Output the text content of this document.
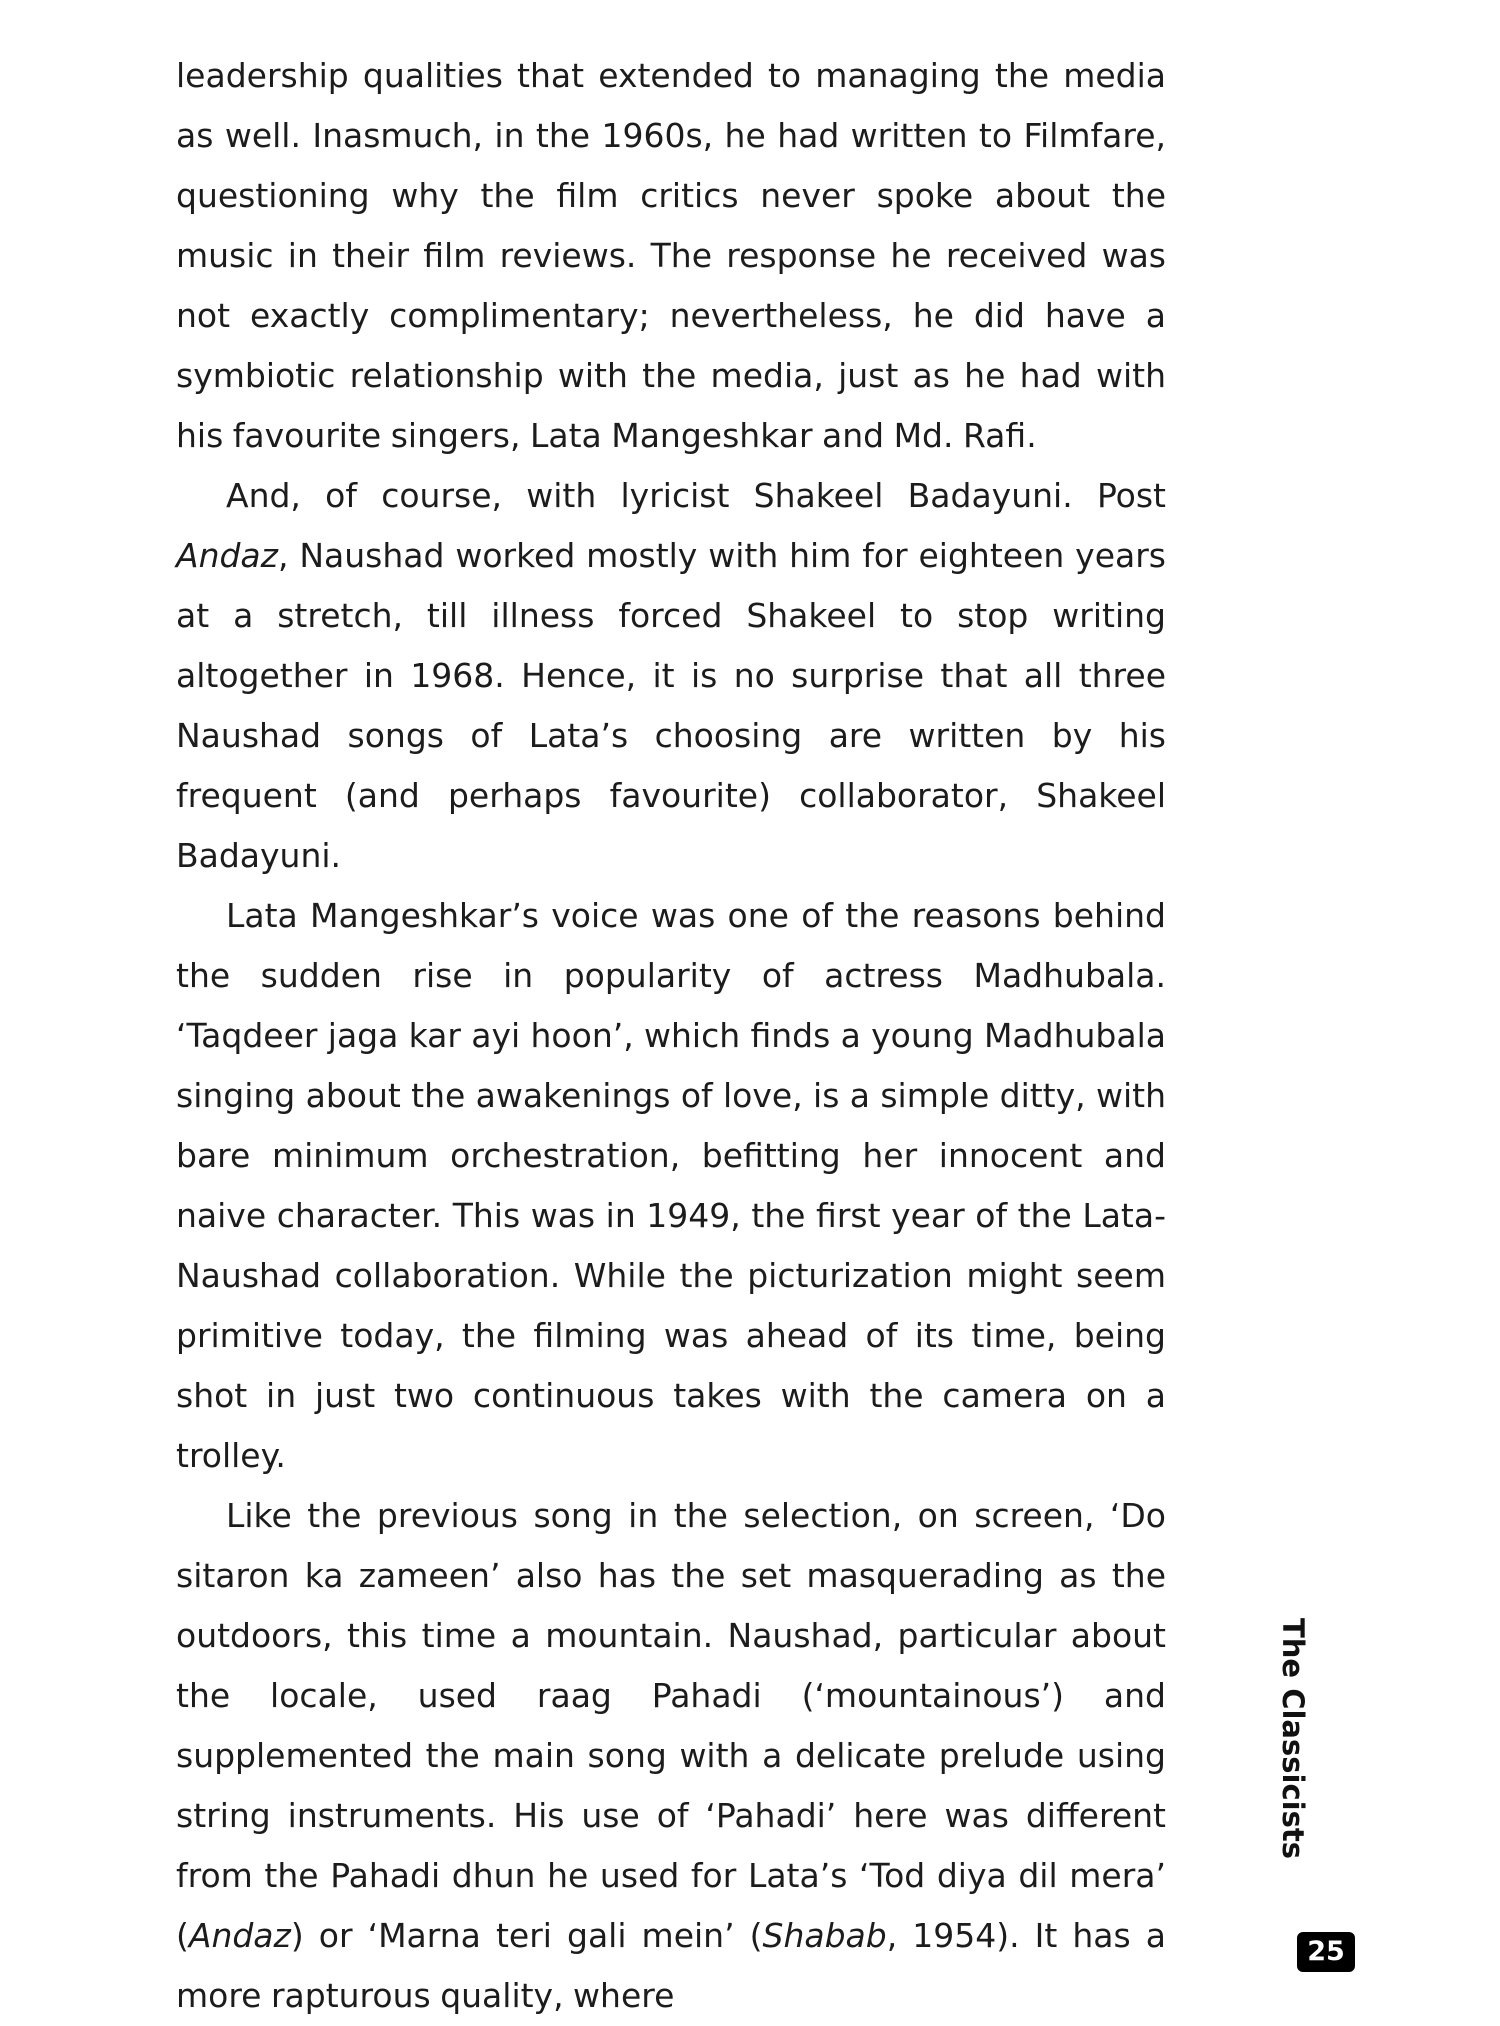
leadership qualities that extended to managing the media as well. Inasmuch, in the 1960s, he had written to Filmfare, questioning why the film critics never spoke about the music in their film reviews. The response he received was not exactly complimentary; nevertheless, he did have a symbiotic relationship with the media, just as he had with his favourite singers, Lata Mangeshkar and Md. Rafi.

And, of course, with lyricist Shakeel Badayuni. Post Andaz, Naushad worked mostly with him for eighteen years at a stretch, till illness forced Shakeel to stop writing altogether in 1968. Hence, it is no surprise that all three Naushad songs of Lata’s choosing are written by his frequent (and perhaps favourite) collaborator, Shakeel Badayuni.

Lata Mangeshkar’s voice was one of the reasons behind the sudden rise in popularity of actress Madhubala. ‘Taqdeer jaga kar ayi hoon’, which finds a young Madhubala singing about the awakenings of love, is a simple ditty, with bare minimum orchestration, befitting her innocent and naive character. This was in 1949, the first year of the Lata-Naushad collaboration. While the picturization might seem primitive today, the filming was ahead of its time, being shot in just two continuous takes with the camera on a trolley.

Like the previous song in the selection, on screen, ‘Do sitaron ka zameen’ also has the set masquerading as the outdoors, this time a mountain. Naushad, particular about the locale, used raag Pahadi (‘mountainous’) and supplemented the main song with a delicate prelude using string instruments. His use of ‘Pahadi’ here was different from the Pahadi dhun he used for Lata’s ‘Tod diya dil mera’ (Andaz) or ‘Marna teri gali mein’ (Shabab, 1954). It has a more rapturous quality, where

The Classicists
25
